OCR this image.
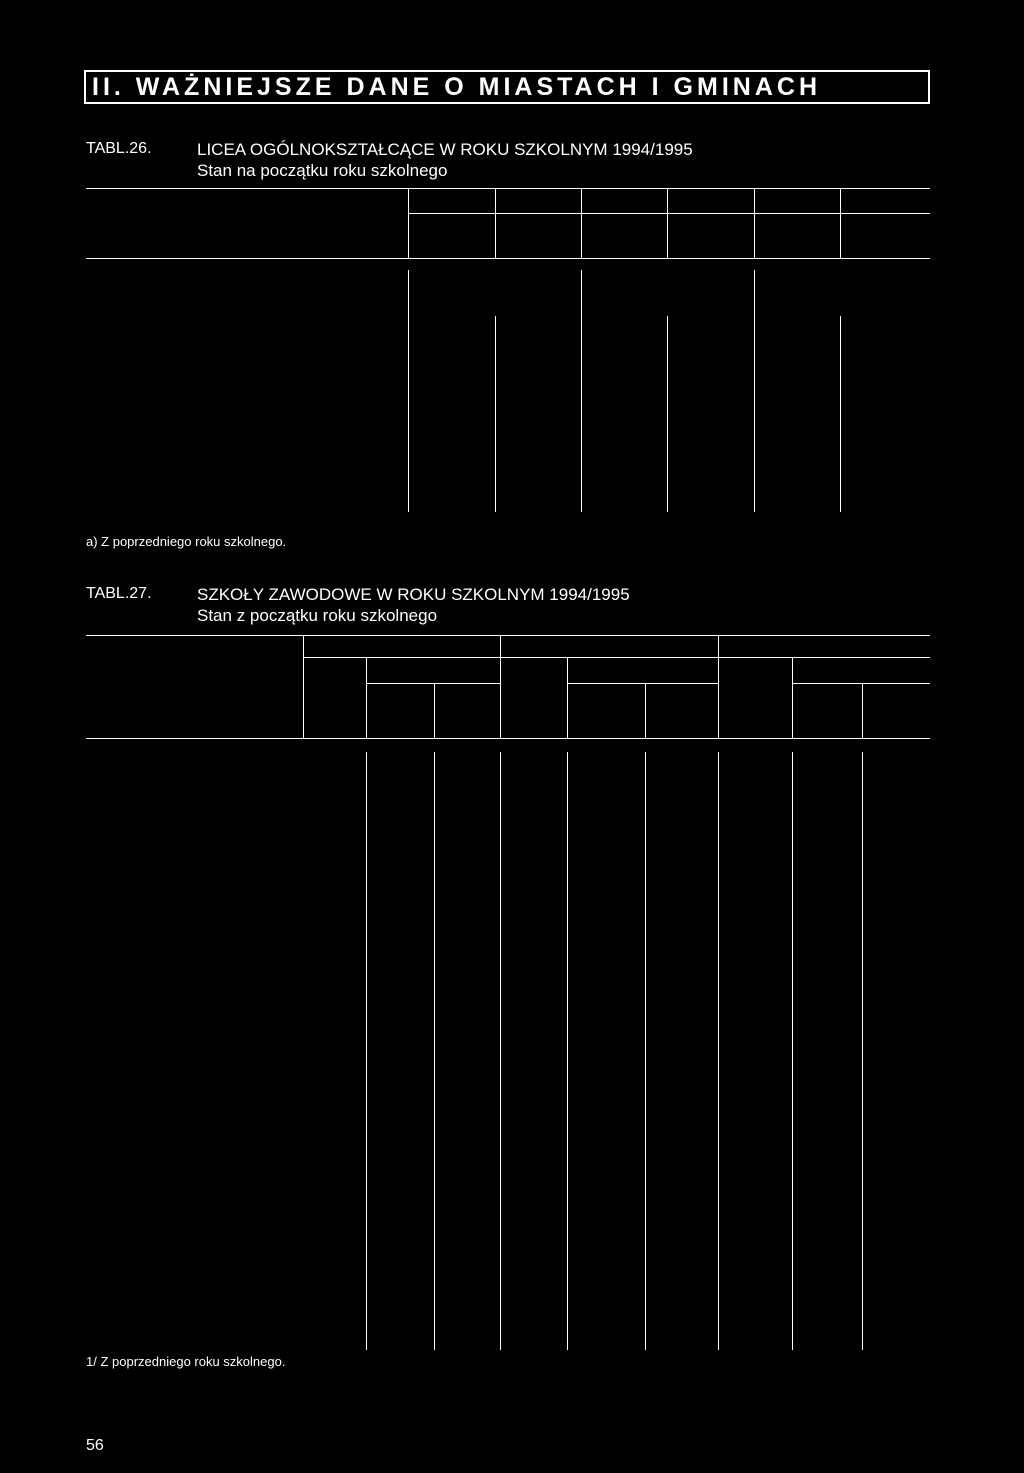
II. WAŻNIEJSZE DANE O MIASTACH I GMINACH
TABL.26.	LICEA OGÓLNOKSZTAŁCĄCE W ROKU SZKOLNYM 1994/1995
Stan na początku roku szkolnego
a) Z poprzedniego roku szkolnego.
TABL.27.	SZKOŁY ZAWODOWE W ROKU SZKOLNYM 1994/1995
Stan z początku roku szkolnego
1/ Z poprzedniego roku szkolnego.
56
